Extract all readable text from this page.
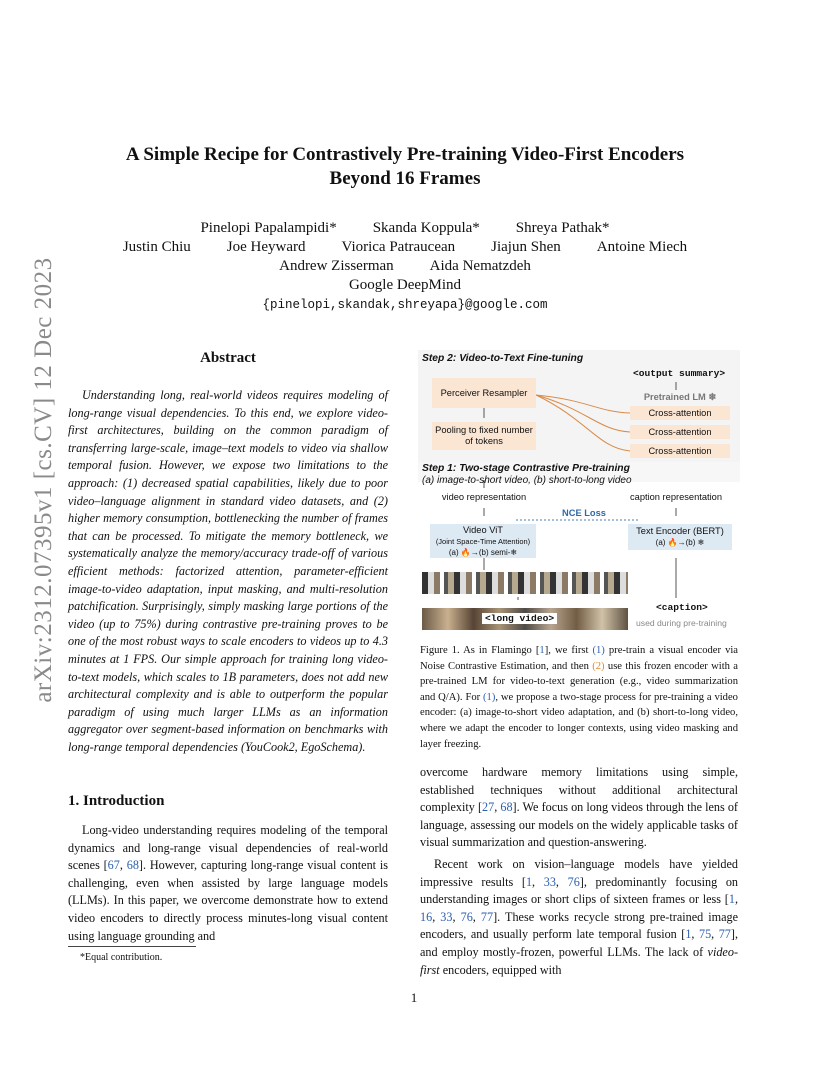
arXiv:2312.07395v1 [cs.CV] 12 Dec 2023
A Simple Recipe for Contrastively Pre-training Video-First Encoders
Beyond 16 Frames
Pinelopi Papalampidi* Skanda Koppula* Shreya Pathak*
Justin Chiu Joe Heyward Viorica Patraucean Jiajun Shen Antoine Miech
Andrew Zisserman Aida Nematzdeh
Google DeepMind
{pinelopi,skandak,shreyapa}@google.com
Abstract
Understanding long, real-world videos requires modeling of long-range visual dependencies. To this end, we explore video-first architectures, building on the common paradigm of transferring large-scale, image–text models to video via shallow temporal fusion. However, we expose two limitations to the approach: (1) decreased spatial capabilities, likely due to poor video–language alignment in standard video datasets, and (2) higher memory consumption, bottlenecking the number of frames that can be processed. To mitigate the memory bottleneck, we systematically analyze the memory/accuracy trade-off of various efficient methods: factorized attention, parameter-efficient image-to-video adaptation, input masking, and multi-resolution patchification. Surprisingly, simply masking large portions of the video (up to 75%) during contrastive pre-training proves to be one of the most robust ways to scale encoders to videos up to 4.3 minutes at 1 FPS. Our simple approach for training long video-to-text models, which scales to 1B parameters, does not add new architectural complexity and is able to outperform the popular paradigm of using much larger LLMs as an information aggregator over segment-based information on benchmarks with long-range temporal dependencies (YouCook2, EgoSchema).
1. Introduction
Long-video understanding requires modeling of the temporal dynamics and long-range visual dependencies of real-world scenes [67, 68]. However, capturing long-range visual content is challenging, even when assisted by large language models (LLMs). In this paper, we overcome demonstrate how to extend video encoders to directly process minutes-long visual content using language grounding and
*Equal contribution.
Step 2: Video-to-Text Fine-tuning
<output summary>
Perceiver Resampler
Pooling to fixed number of tokens
Pretrained LM ❄
Cross-attention
Cross-attention
Cross-attention
Step 1: Two-stage Contrastive Pre-training
(a) image-to-short video, (b) short-to-long video
video representation	caption representation
NCE Loss
Video ViT
(Joint Space-Time Attention)
(a) 🔥→(b) semi-❄
Text Encoder (BERT)
(a) 🔥→(b) ❄
<long video>
<caption>
used during pre-training
Figure 1. As in Flamingo [1], we first (1) pre-train a visual encoder via Noise Contrastive Estimation, and then (2) use this frozen encoder with a pre-trained LM for video-to-text generation (e.g., video summarization and Q/A). For (1), we propose a two-stage process for pre-training a video encoder: (a) image-to-short video adaptation, and (b) short-to-long video, where we adapt the encoder to longer contexts, using video masking and layer freezing.
overcome hardware memory limitations using simple, established techniques without additional architectural complexity [27, 68]. We focus on long videos through the lens of language, assessing our models on the widely applicable tasks of visual summarization and question-answering.
Recent work on vision–language models have yielded impressive results [1, 33, 76], predominantly focusing on understanding images or short clips of sixteen frames or less [1, 16, 33, 76, 77]. These works recycle strong pre-trained image encoders, and usually perform late temporal fusion [1, 75, 77], and employ mostly-frozen, powerful LLMs. The lack of video-first encoders, equipped with
1
